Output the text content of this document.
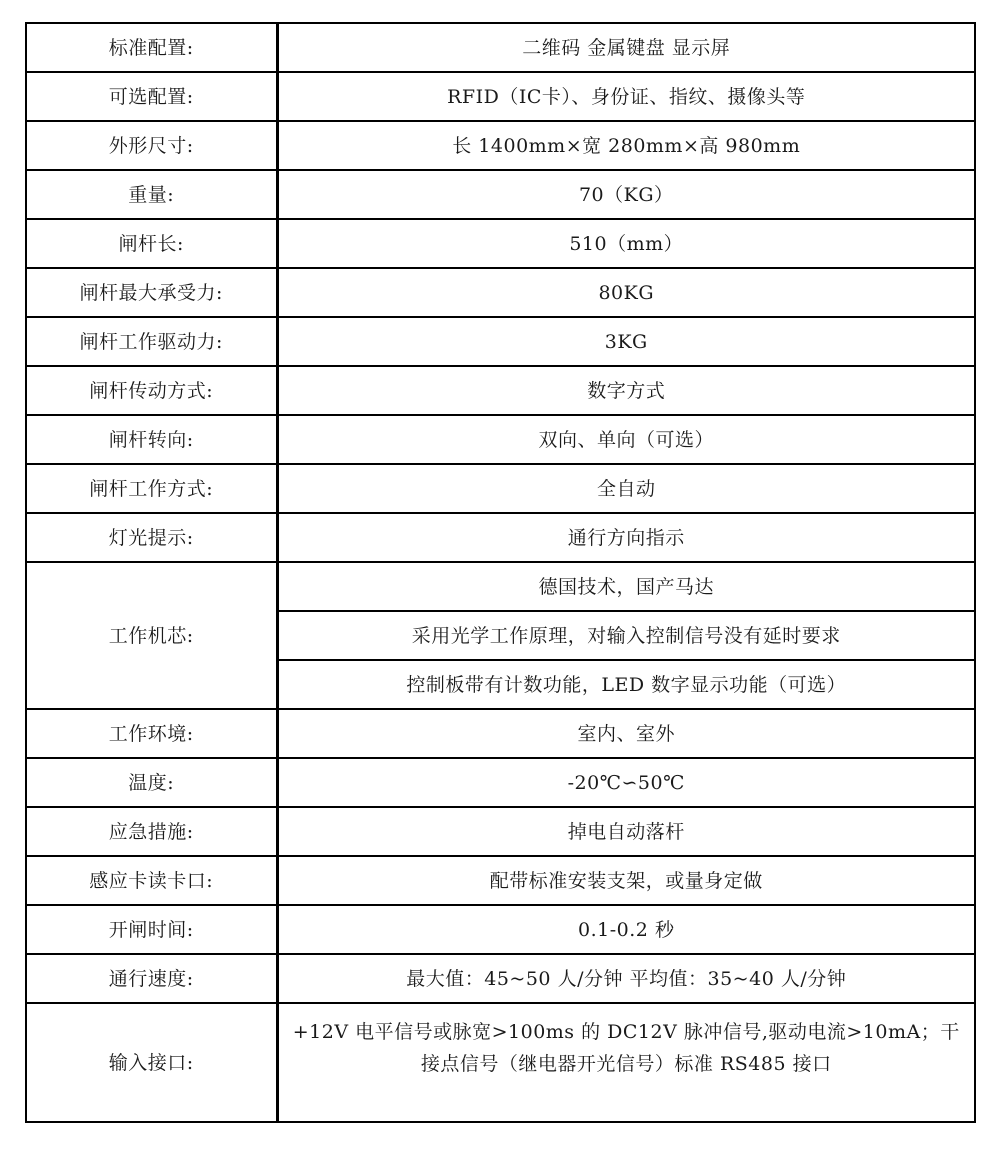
标准配置:	二维码 金属键盘 显示屏
可选配置:	RFID（IC卡）、身份证、指纹、摄像头等
外形尺寸:	长 1400mm×宽 280mm×高 980mm
重量:	70（KG）
闸杆长:	510（mm）
闸杆最大承受力:	80KG
闸杆工作驱动力:	3KG
闸杆传动方式:	数字方式
闸杆转向:	双向、单向（可选）
闸杆工作方式:	全自动
灯光提示:	通行方向指示
工作机芯:	德国技术，国产马达
	采用光学工作原理，对输入控制信号没有延时要求
	控制板带有计数功能，LED 数字显示功能（可选）
工作环境:	室内、室外
温度:	-20℃∽50℃
应急措施:	掉电自动落杆
感应卡读卡口:	配带标准安装支架，或量身定做
开闸时间:	0.1-0.2 秒
通行速度:	最大值：45~50 人/分钟 平均值：35~40 人/分钟
输入接口:	+12V 电平信号或脉宽>100ms 的 DC12V 脉冲信号,驱动电流>10mA；干
接点信号（继电器开光信号）标准 RS485 接口
